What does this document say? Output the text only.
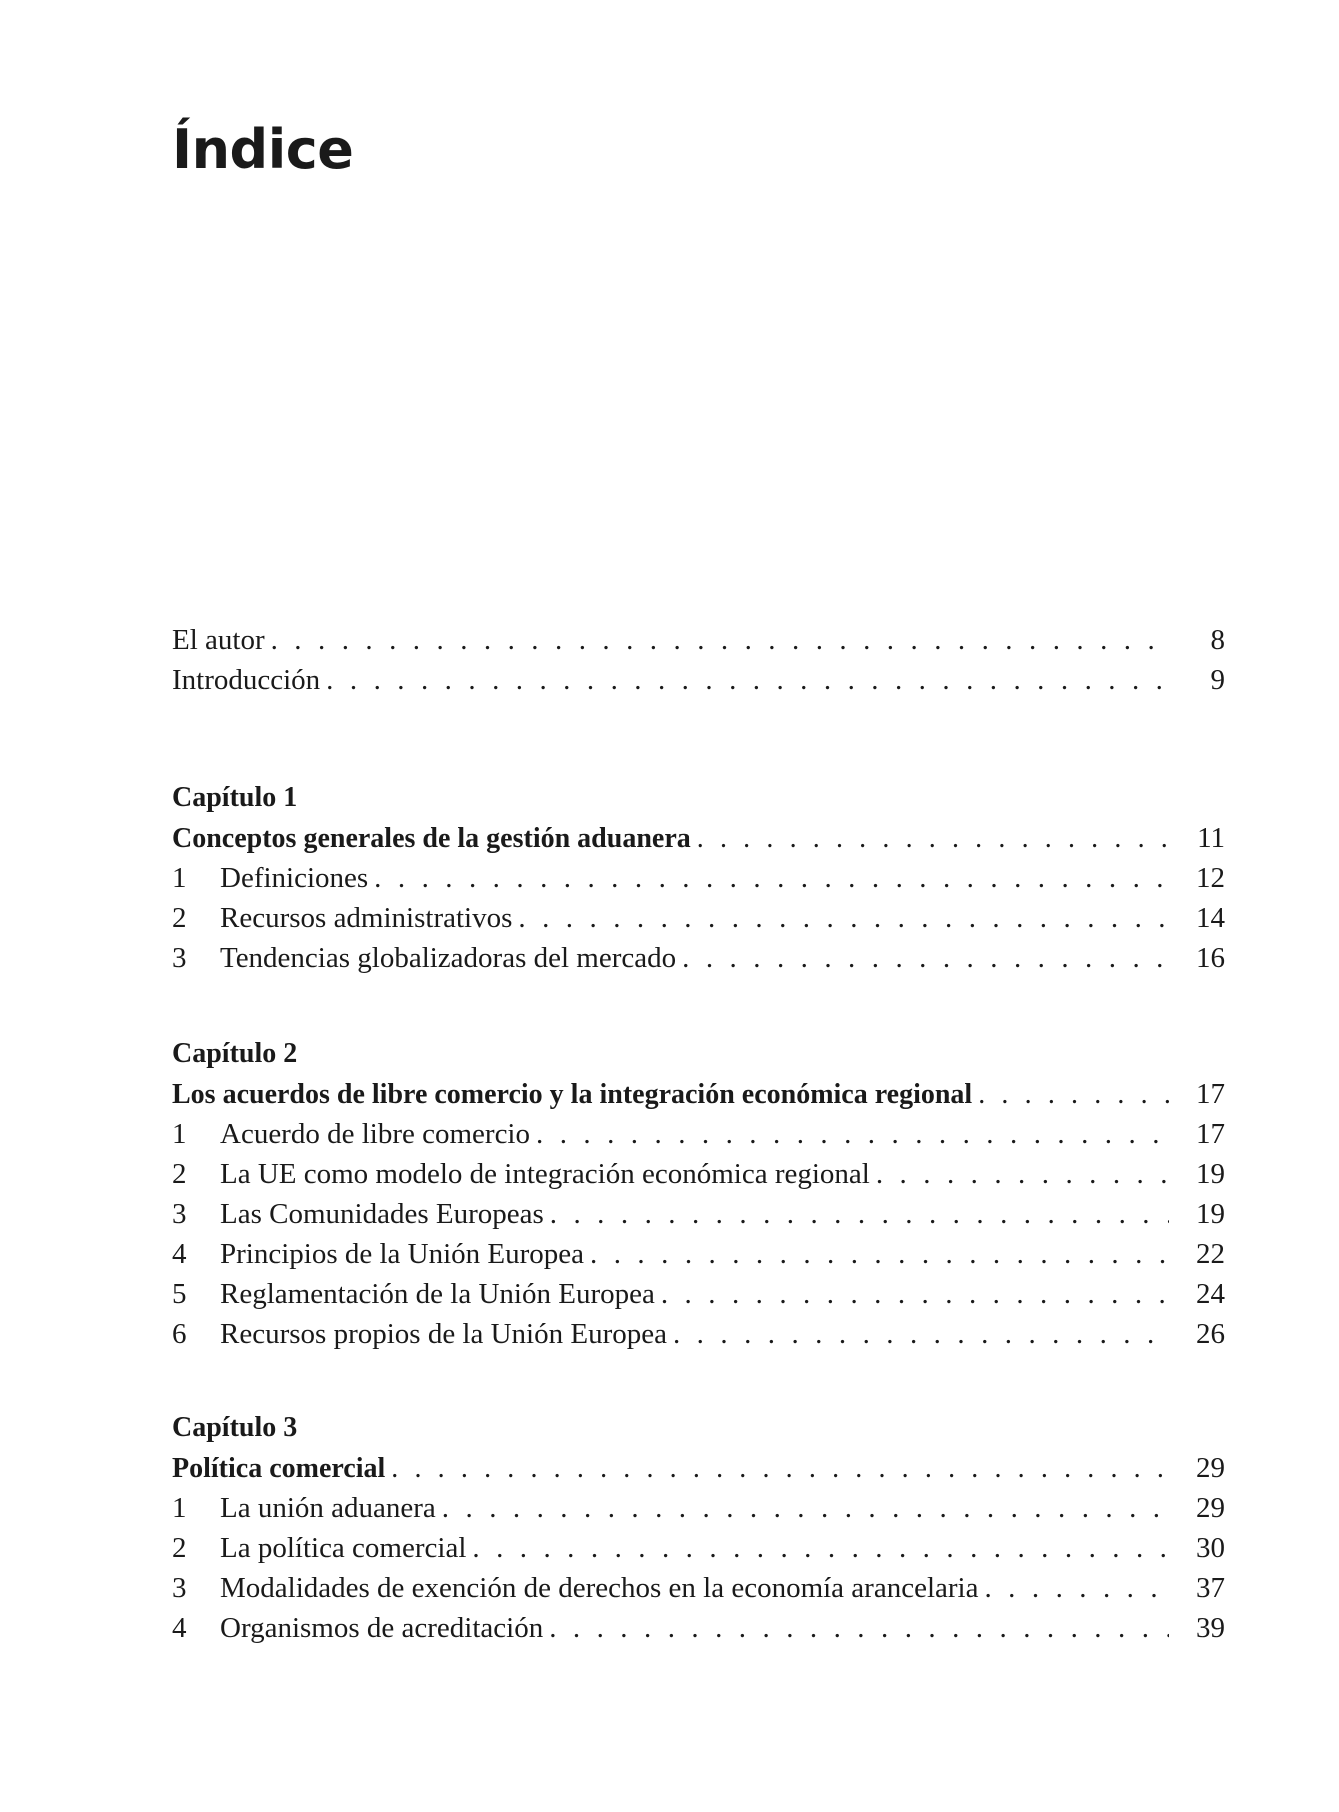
Índice
El autor . . .	8
Introducción . . .	9
Capítulo 1
Conceptos generales de la gestión aduanera . . .	11
1	Definiciones . . .	12
2	Recursos administrativos . . .	14
3	Tendencias globalizadoras del mercado . . .	16
Capítulo 2
Los acuerdos de libre comercio y la integración económica regional . . .	17
1	Acuerdo de libre comercio . . .	17
2	La UE como modelo de integración económica regional . . .	19
3	Las Comunidades Europeas . . .	19
4	Principios de la Unión Europea . . .	22
5	Reglamentación de la Unión Europea . . .	24
6	Recursos propios de la Unión Europea . . .	26
Capítulo 3
Política comercial . . .	29
1	La unión aduanera . . .	29
2	La política comercial . . .	30
3	Modalidades de exención de derechos en la economía arancelaria . . .	37
4	Organismos de acreditación . . .	39
